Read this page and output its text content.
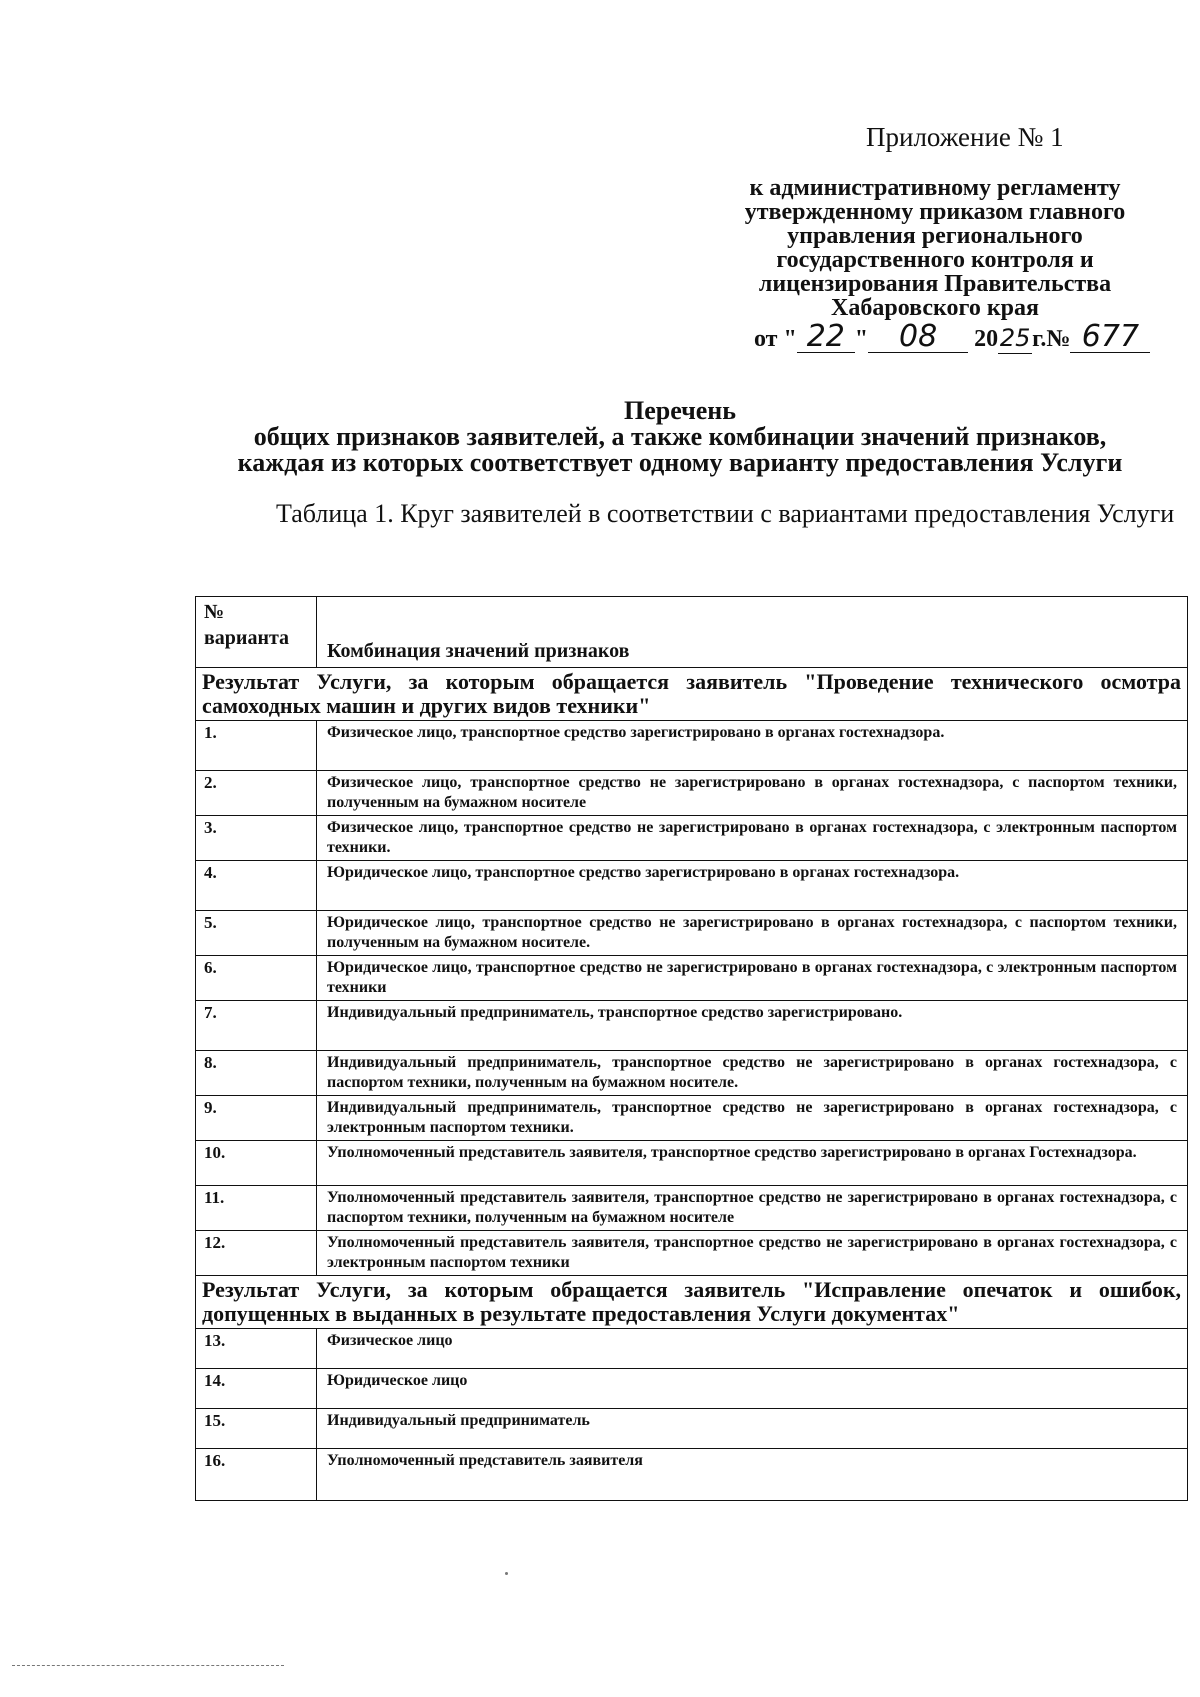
Приложение № 1
к административному регламенту
утвержденному приказом главного
управления регионального
государственного контроля и
лицензирования Правительства
Хабаровского края
от " 22 " 08 2025г.№ 677
Перечень
общих признаков заявителей, а также комбинации значений признаков,
каждая из которых соответствует одному варианту предоставления Услуги
Таблица 1. Круг заявителей в соответствии с вариантами предоставления Услуги
№
варианта	Комбинация значений признаков
Результат Услуги, за которым обращается заявитель "Проведение технического осмотра самоходных машин и других видов техники"	
1.	Физическое лицо, транспортное средство зарегистрировано в органах гостехнадзора.
2.	Физическое лицо, транспортное средство не зарегистрировано в органах гостехнадзора, с паспортом техники, полученным на бумажном носителе
3.	Физическое лицо, транспортное средство не зарегистрировано в органах гостехнадзора, с электронным паспортом техники.
4.	Юридическое лицо, транспортное средство зарегистрировано в органах гостехнадзора.
5.	Юридическое лицо, транспортное средство не зарегистрировано в органах гостехнадзора, с паспортом техники, полученным на бумажном носителе.
6.	Юридическое лицо, транспортное средство не зарегистрировано в органах гостехнадзора, с электронным паспортом техники
7.	Индивидуальный предприниматель, транспортное средство зарегистрировано.
8.	Индивидуальный предприниматель, транспортное средство не зарегистрировано в органах гостехнадзора, с паспортом техники, полученным на бумажном носителе.
9.	Индивидуальный предприниматель, транспортное средство не зарегистрировано в органах гостехнадзора, с электронным паспортом техники.
10.	Уполномоченный представитель заявителя, транспортное средство зарегистрировано в органах Гостехнадзора.
11.	Уполномоченный представитель заявителя, транспортное средство не зарегистрировано в органах гостехнадзора, с паспортом техники, полученным на бумажном носителе
12.	Уполномоченный представитель заявителя, транспортное средство не зарегистрировано в органах гостехнадзора, с электронным паспортом техники
Результат Услуги, за которым обращается заявитель "Исправление опечаток и ошибок, допущенных в выданных в результате предоставления Услуги документах"	
13.	Физическое лицо
14.	Юридическое лицо
15.	Индивидуальный предприниматель
16.	Уполномоченный представитель заявителя
